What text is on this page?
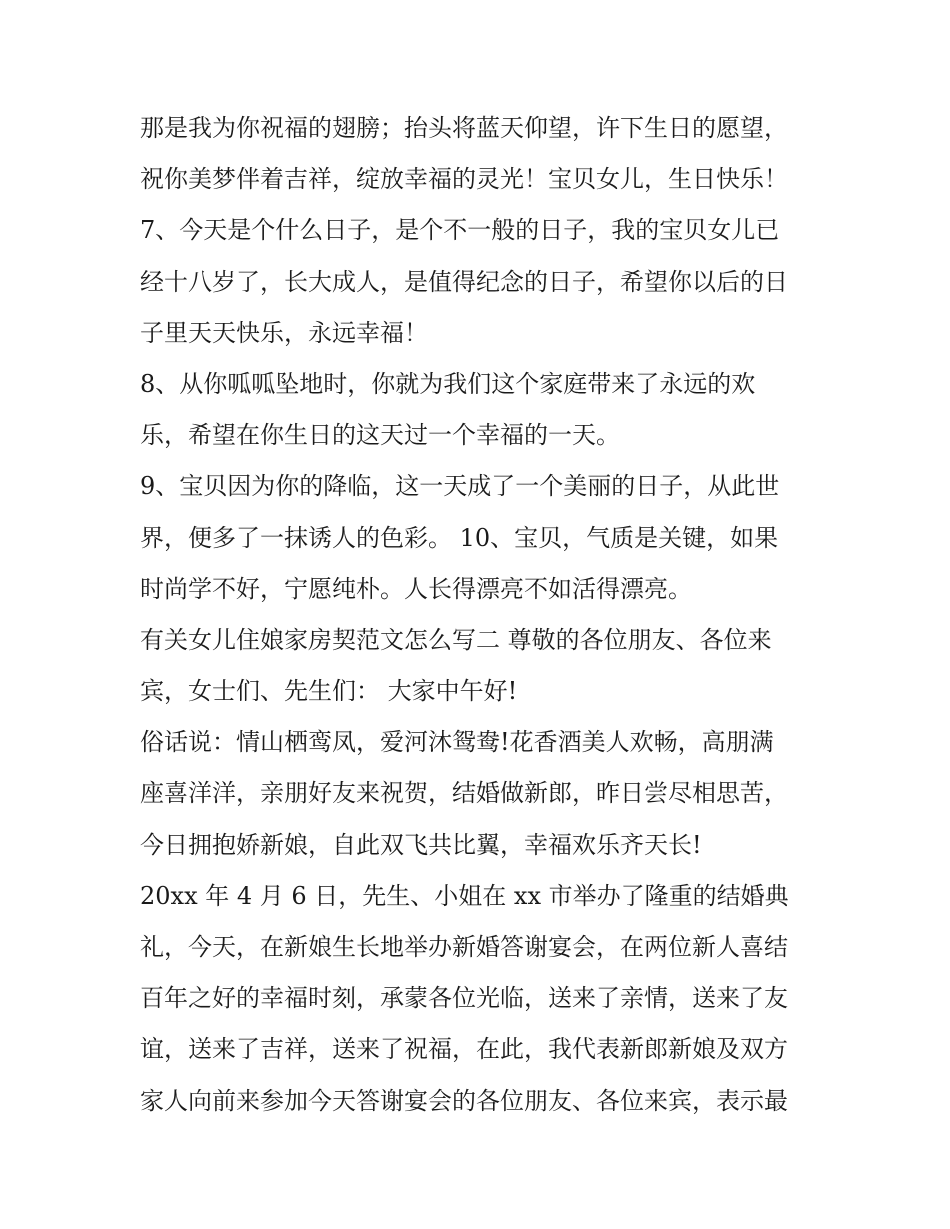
那是我为你祝福的翅膀；抬头将蓝天仰望，许下生日的愿望，
祝你美梦伴着吉祥，绽放幸福的灵光！宝贝女儿，生日快乐！
7、今天是个什么日子，是个不一般的日子，我的宝贝女儿已
经十八岁了，长大成人，是值得纪念的日子，希望你以后的日
子里天天快乐，永远幸福！
8、从你呱呱坠地时，你就为我们这个家庭带来了永远的欢
乐，希望在你生日的这天过一个幸福的一天。
9、宝贝因为你的降临，这一天成了一个美丽的日子，从此世
界，便多了一抹诱人的色彩。 10、宝贝，气质是关键，如果
时尚学不好，宁愿纯朴。人长得漂亮不如活得漂亮。
有关女儿住娘家房契范文怎么写二 尊敬的各位朋友、各位来
宾，女士们、先生们： 大家中午好!
俗话说：情山栖鸾凤，爱河沐鸳鸯!花香酒美人欢畅，高朋满
座喜洋洋，亲朋好友来祝贺，结婚做新郎，昨日尝尽相思苦，
今日拥抱娇新娘，自此双飞共比翼，幸福欢乐齐天长!
20xx 年 4 月 6 日，先生、小姐在 xx 市举办了隆重的结婚典
礼，今天，在新娘生长地举办新婚答谢宴会，在两位新人喜结
百年之好的幸福时刻，承蒙各位光临，送来了亲情，送来了友
谊，送来了吉祥，送来了祝福，在此，我代表新郎新娘及双方
家人向前来参加今天答谢宴会的各位朋友、各位来宾，表示最
